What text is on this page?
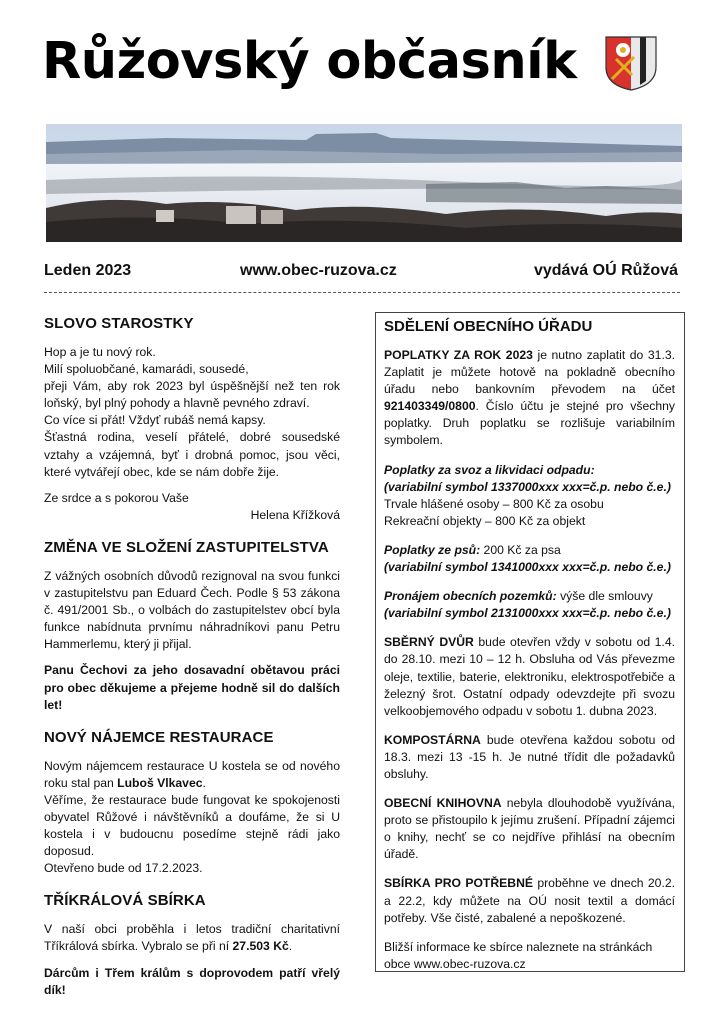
Růžovský občasník
Leden 2023	www.obec-ruzova.cz	vydává OÚ Růžová
SLOVO STAROSTKY

Hop a je tu nový rok.

Milí spoluobčané, kamarádi, sousedé,

přeji Vám, aby rok 2023 byl úspěšnější než ten rok loňský, byl plný pohody a hlavně pevného zdraví.

Co více si přát! Vždyť rubáš nemá kapsy.

Šťastná rodina, veselí přátelé, dobré sousedské vztahy a vzájemná, byť i drobná pomoc, jsou věci, které vytvářejí obec, kde se nám dobře žije.

Ze srdce a s pokorou Vaše

Helena Křížková

ZMĚNA VE SLOŽENÍ ZASTUPITELSTVA

Z vážných osobních důvodů rezignoval na svou funkci v zastupitelstvu pan Eduard Čech. Podle § 53 zákona č. 491/2001 Sb., o volbách do zastupitelstev obcí byla funkce nabídnuta prvnímu náhradníkovi panu Petru Hammerlemu, který ji přijal.

Panu Čechovi za jeho dosavadní obětavou práci pro obec děkujeme a přejeme hodně sil do dalších let!

NOVÝ NÁJEMCE RESTAURACE

Novým nájemcem restaurace U kostela se od nového roku stal pan Luboš Vlkavec.

Věříme, že restaurace bude fungovat ke spokojenosti obyvatel Růžové i návštěvníků a doufáme, že si U kostela i v budoucnu posedíme stejně rádi jako doposud.

Otevřeno bude od 17.2.2023.

TŘÍKRÁLOVÁ SBÍRKA

V naší obci proběhla i letos tradiční charitativní Tříkrálová sbírka. Vybralo se při ní 27.503 Kč.

Dárcům i Třem králům s doprovodem patří vřelý dík!

SDĚLENÍ OBECNÍHO ÚŘADU

POPLATKY ZA ROK 2023 je nutno zaplatit do 31.3. Zaplatit je můžete hotově na pokladně obecního úřadu nebo bankovním převodem na účet 921403349/0800. Číslo účtu je stejné pro všechny poplatky. Druh poplatku se rozlišuje variabilním symbolem.

Poplatky za svoz a likvidaci odpadu:

(variabilní symbol 1337000xxx xxx=č.p. nebo č.e.)

Trvale hlášené osoby – 800 Kč za osobu

Rekreační objekty – 800 Kč za objekt

Poplatky ze psů: 200 Kč za psa

(variabilní symbol 1341000xxx xxx=č.p. nebo č.e.)

Pronájem obecních pozemků: výše dle smlouvy

(variabilní symbol 2131000xxx xxx=č.p. nebo č.e.)

SBĚRNÝ DVŮR bude otevřen vždy v sobotu od 1.4. do 28.10. mezi 10 – 12 h. Obsluha od Vás převezme oleje, textilie, baterie, elektroniku, elektrospotřebiče a železný šrot. Ostatní odpady odevzdejte při svozu velkoobjemového odpadu v sobotu 1. dubna 2023.

KOMPOSTÁRNA bude otevřena každou sobotu od 18.3. mezi 13 -15 h. Je nutné třídit dle požadavků obsluhy.

OBECNÍ KNIHOVNA nebyla dlouhodobě využívána, proto se přistoupilo k jejímu zrušení. Případní zájemci o knihy, nechť se co nejdříve přihlásí na obecním úřadě.

SBÍRKA PRO POTŘEBNÉ proběhne ve dnech 20.2. a 22.2, kdy můžete na OÚ nosit textil a domácí potřeby. Vše čisté, zabalené a nepoškozené.

Bližší informace ke sbírce naleznete na stránkách obce www.obec-ruzova.cz
